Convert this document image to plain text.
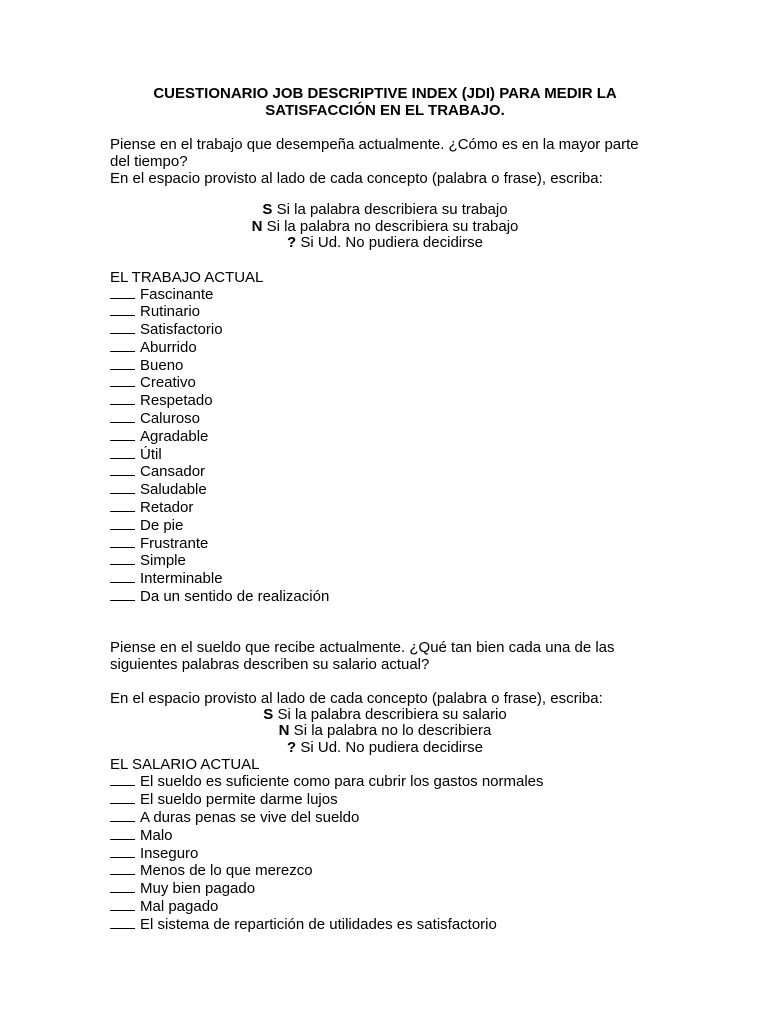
CUESTIONARIO JOB DESCRIPTIVE INDEX (JDI) PARA MEDIR LA

SATISFACCIÓN EN EL TRABAJO.

Piense en el trabajo que desempeña actualmente. ¿Cómo es en la mayor parte

del tiempo?

En el espacio provisto al lado de cada concepto (palabra o frase), escriba:

S Si la palabra describiera su trabajo
N Si la palabra no describiera su trabajo
? Si Ud. No pudiera decidirse

EL TRABAJO ACTUAL

Fascinante
Rutinario
Satisfactorio
Aburrido
Bueno
Creativo
Respetado
Caluroso
Agradable
Útil
Cansador
Saludable
Retador
De pie
Frustrante
Simple
Interminable
Da un sentido de realización

Piense en el sueldo que recibe actualmente. ¿Qué tan bien cada una de las

siguientes palabras describen su salario actual?

En el espacio provisto al lado de cada concepto (palabra o frase), escriba:

S Si la palabra describiera su salario
N Si la palabra no lo describiera
? Si Ud. No pudiera decidirse

EL SALARIO ACTUAL

El sueldo es suficiente como para cubrir los gastos normales
El sueldo permite darme lujos
A duras penas se vive del sueldo
Malo
Inseguro
Menos de lo que merezco
Muy bien pagado
Mal pagado
El sistema de repartición de utilidades es satisfactorio
